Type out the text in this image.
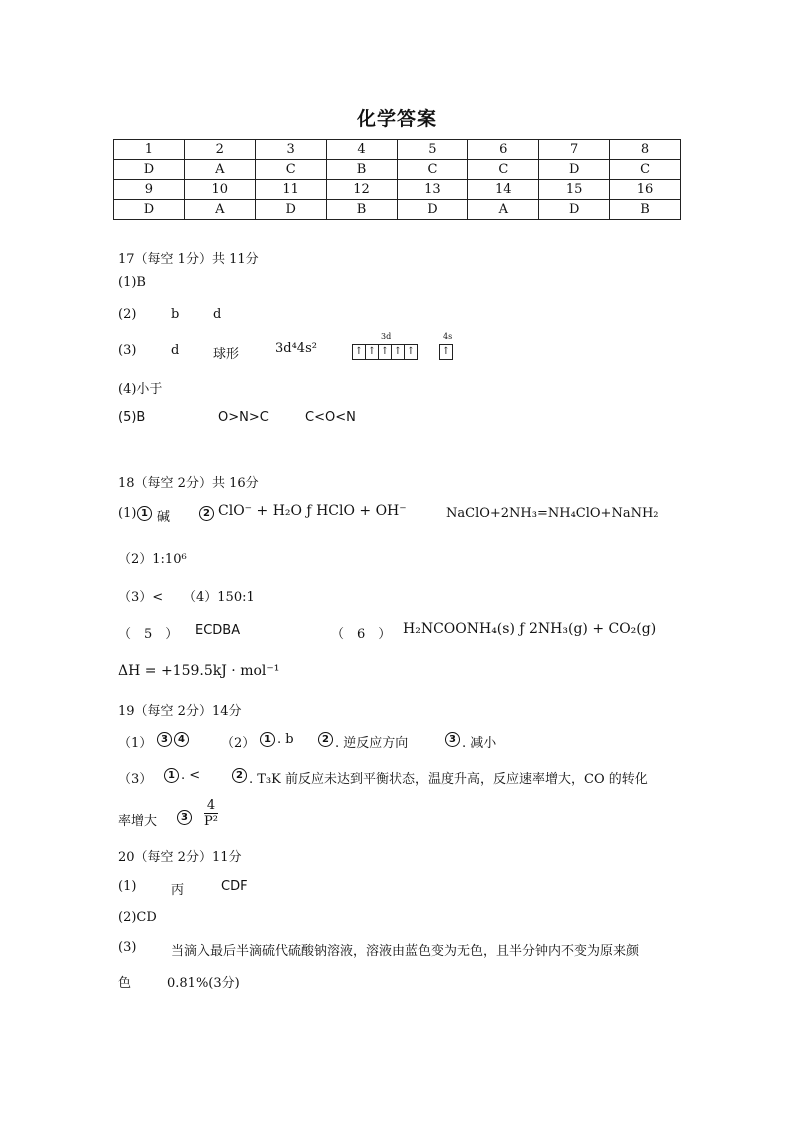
化学答案
1	2	3	4	5	6	7	8
D	A	C	B	C	C	D	C
9	10	11	12	13	14	15	16
D	A	D	B	D	A	D	B
17（每空 1分）共 11分
(1)B
(2)	b	d
(3)	d	球形	3d⁴4s²
3d	4s
↑ ↑ ↑ ↑ ↑	↑
(4)小于
(5)B	O>N>C	C<O<N
18（每空 2分）共 16分
(1) 1 碱	2 ClO⁻ + H₂O ƒ HClO + OH⁻	NaClO+2NH₃=NH₄ClO+NaNH₂
（2）1:10⁶
（3）< （4）150:1
（　5　） ECDBA	（　6　） H₂NCOONH₄(s) ƒ 2NH₃(g) + CO₂(g)
ΔH = +159.5kJ · mol⁻¹
19（每空 2分）14分
（1） 3	4	（2） 1 . b	2 . 逆反应方向	3 . 减小
（3）	1 . <	2 . T₃K 前反应未达到平衡状态，温度升高，反应速率增大，CO 的转化
率增大	3	$\frac{4}{\text{P²}}$
20（每空 2分）11分
(1)	丙	CDF
(2)CD
(3)	当滴入最后半滴硫代硫酸钠溶液，溶液由蓝色变为无色，且半分钟内不变为原来颜
色	0.81%(3分)
